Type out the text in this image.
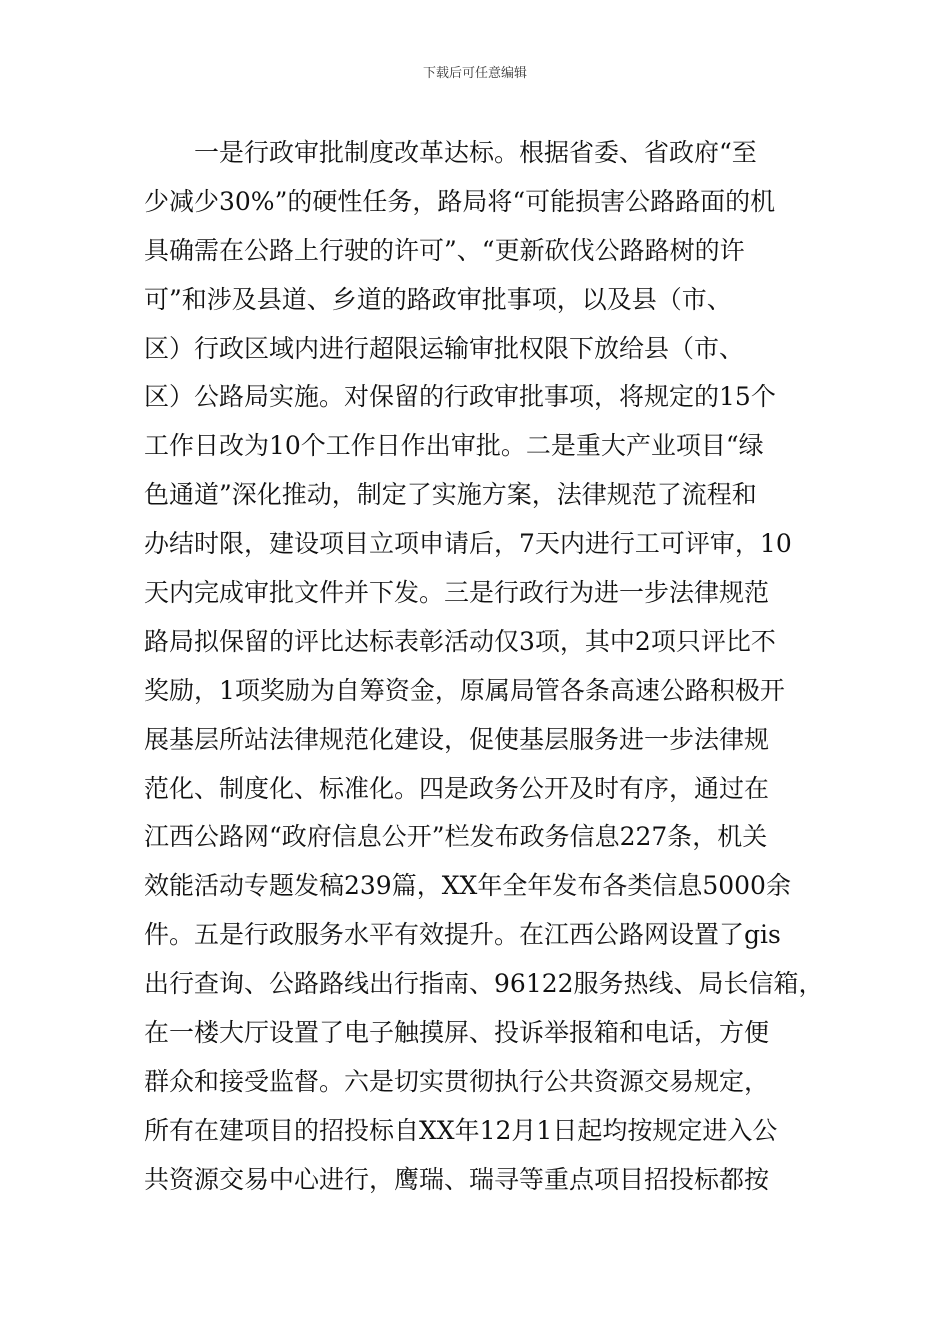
下载后可任意编辑
　　一是行政审批制度改革达标。根据省委、省政府“至
少减少30%”的硬性任务，路局将“可能损害公路路面的机
具确需在公路上行驶的许可”、“更新砍伐公路路树的许
可”和涉及县道、乡道的路政审批事项，以及县（市、
区）行政区域内进行超限运输审批权限下放给县（市、
区）公路局实施。对保留的行政审批事项，将规定的15个
工作日改为10个工作日作出审批。二是重大产业项目“绿
色通道”深化推动，制定了实施方案，法律规范了流程和
办结时限，建设项目立项申请后，7天内进行工可评审，10
天内完成审批文件并下发。三是行政行为进一步法律规范
路局拟保留的评比达标表彰活动仅3项，其中2项只评比不
奖励，1项奖励为自筹资金，原属局管各条高速公路积极开
展基层所站法律规范化建设，促使基层服务进一步法律规
范化、制度化、标准化。四是政务公开及时有序，通过在
江西公路网“政府信息公开”栏发布政务信息227条，机关
效能活动专题发稿239篇，XX年全年发布各类信息5000余
件。五是行政服务水平有效提升。在江西公路网设置了gis
出行查询、公路路线出行指南、96122服务热线、局长信箱，
在一楼大厅设置了电子触摸屏、投诉举报箱和电话，方便
群众和接受监督。六是切实贯彻执行公共资源交易规定，
所有在建项目的招投标自XX年12月1日起均按规定进入公
共资源交易中心进行，鹰瑞、瑞寻等重点项目招投标都按
